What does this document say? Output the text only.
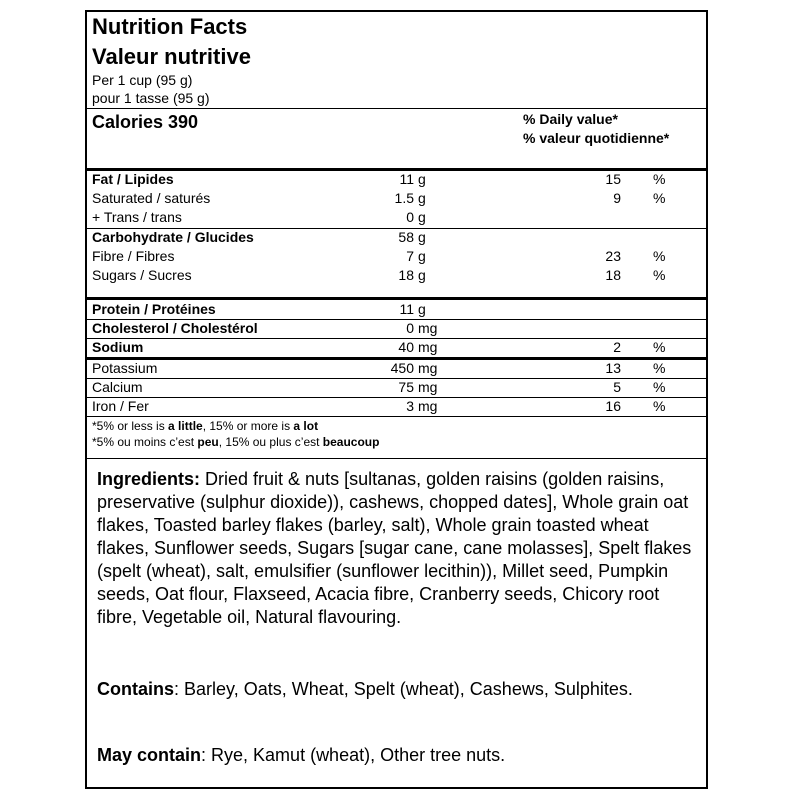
Nutrition Facts
Valeur nutritive
Per 1 cup (95 g)
pour 1 tasse (95 g)
Calories 390	% Daily value*
% valeur quotidienne*
Fat / Lipides	11 g	15 %
Saturated / saturés	1.5 g	9 %
+ Trans / trans	0 g
Carbohydrate / Glucides	58 g
Fibre / Fibres	7 g	23 %
Sugars / Sucres	18 g	18 %
Protein / Protéines	11 g
Cholesterol / Cholestérol	0 mg
Sodium	40 mg	2 %
Potassium	450 mg	13 %
Calcium	75 mg	5 %
Iron / Fer	3 mg	16 %
*5% or less is a little, 15% or more is a lot
*5% ou moins c’est peu, 15% ou plus c’est beaucoup
Ingredients: Dried fruit & nuts [sultanas, golden raisins (golden raisins, preservative (sulphur dioxide)), cashews, chopped dates], Whole grain oat flakes, Toasted barley flakes (barley, salt), Whole grain toasted wheat flakes, Sunflower seeds, Sugars [sugar cane, cane molasses], Spelt flakes (spelt (wheat), salt, emulsifier (sunflower lecithin)), Millet seed, Pumpkin seeds, Oat flour, Flaxseed, Acacia fibre, Cranberry seeds, Chicory root fibre, Vegetable oil, Natural flavouring.
Contains: Barley, Oats, Wheat, Spelt (wheat), Cashews, Sulphites.
May contain: Rye, Kamut (wheat), Other tree nuts.
